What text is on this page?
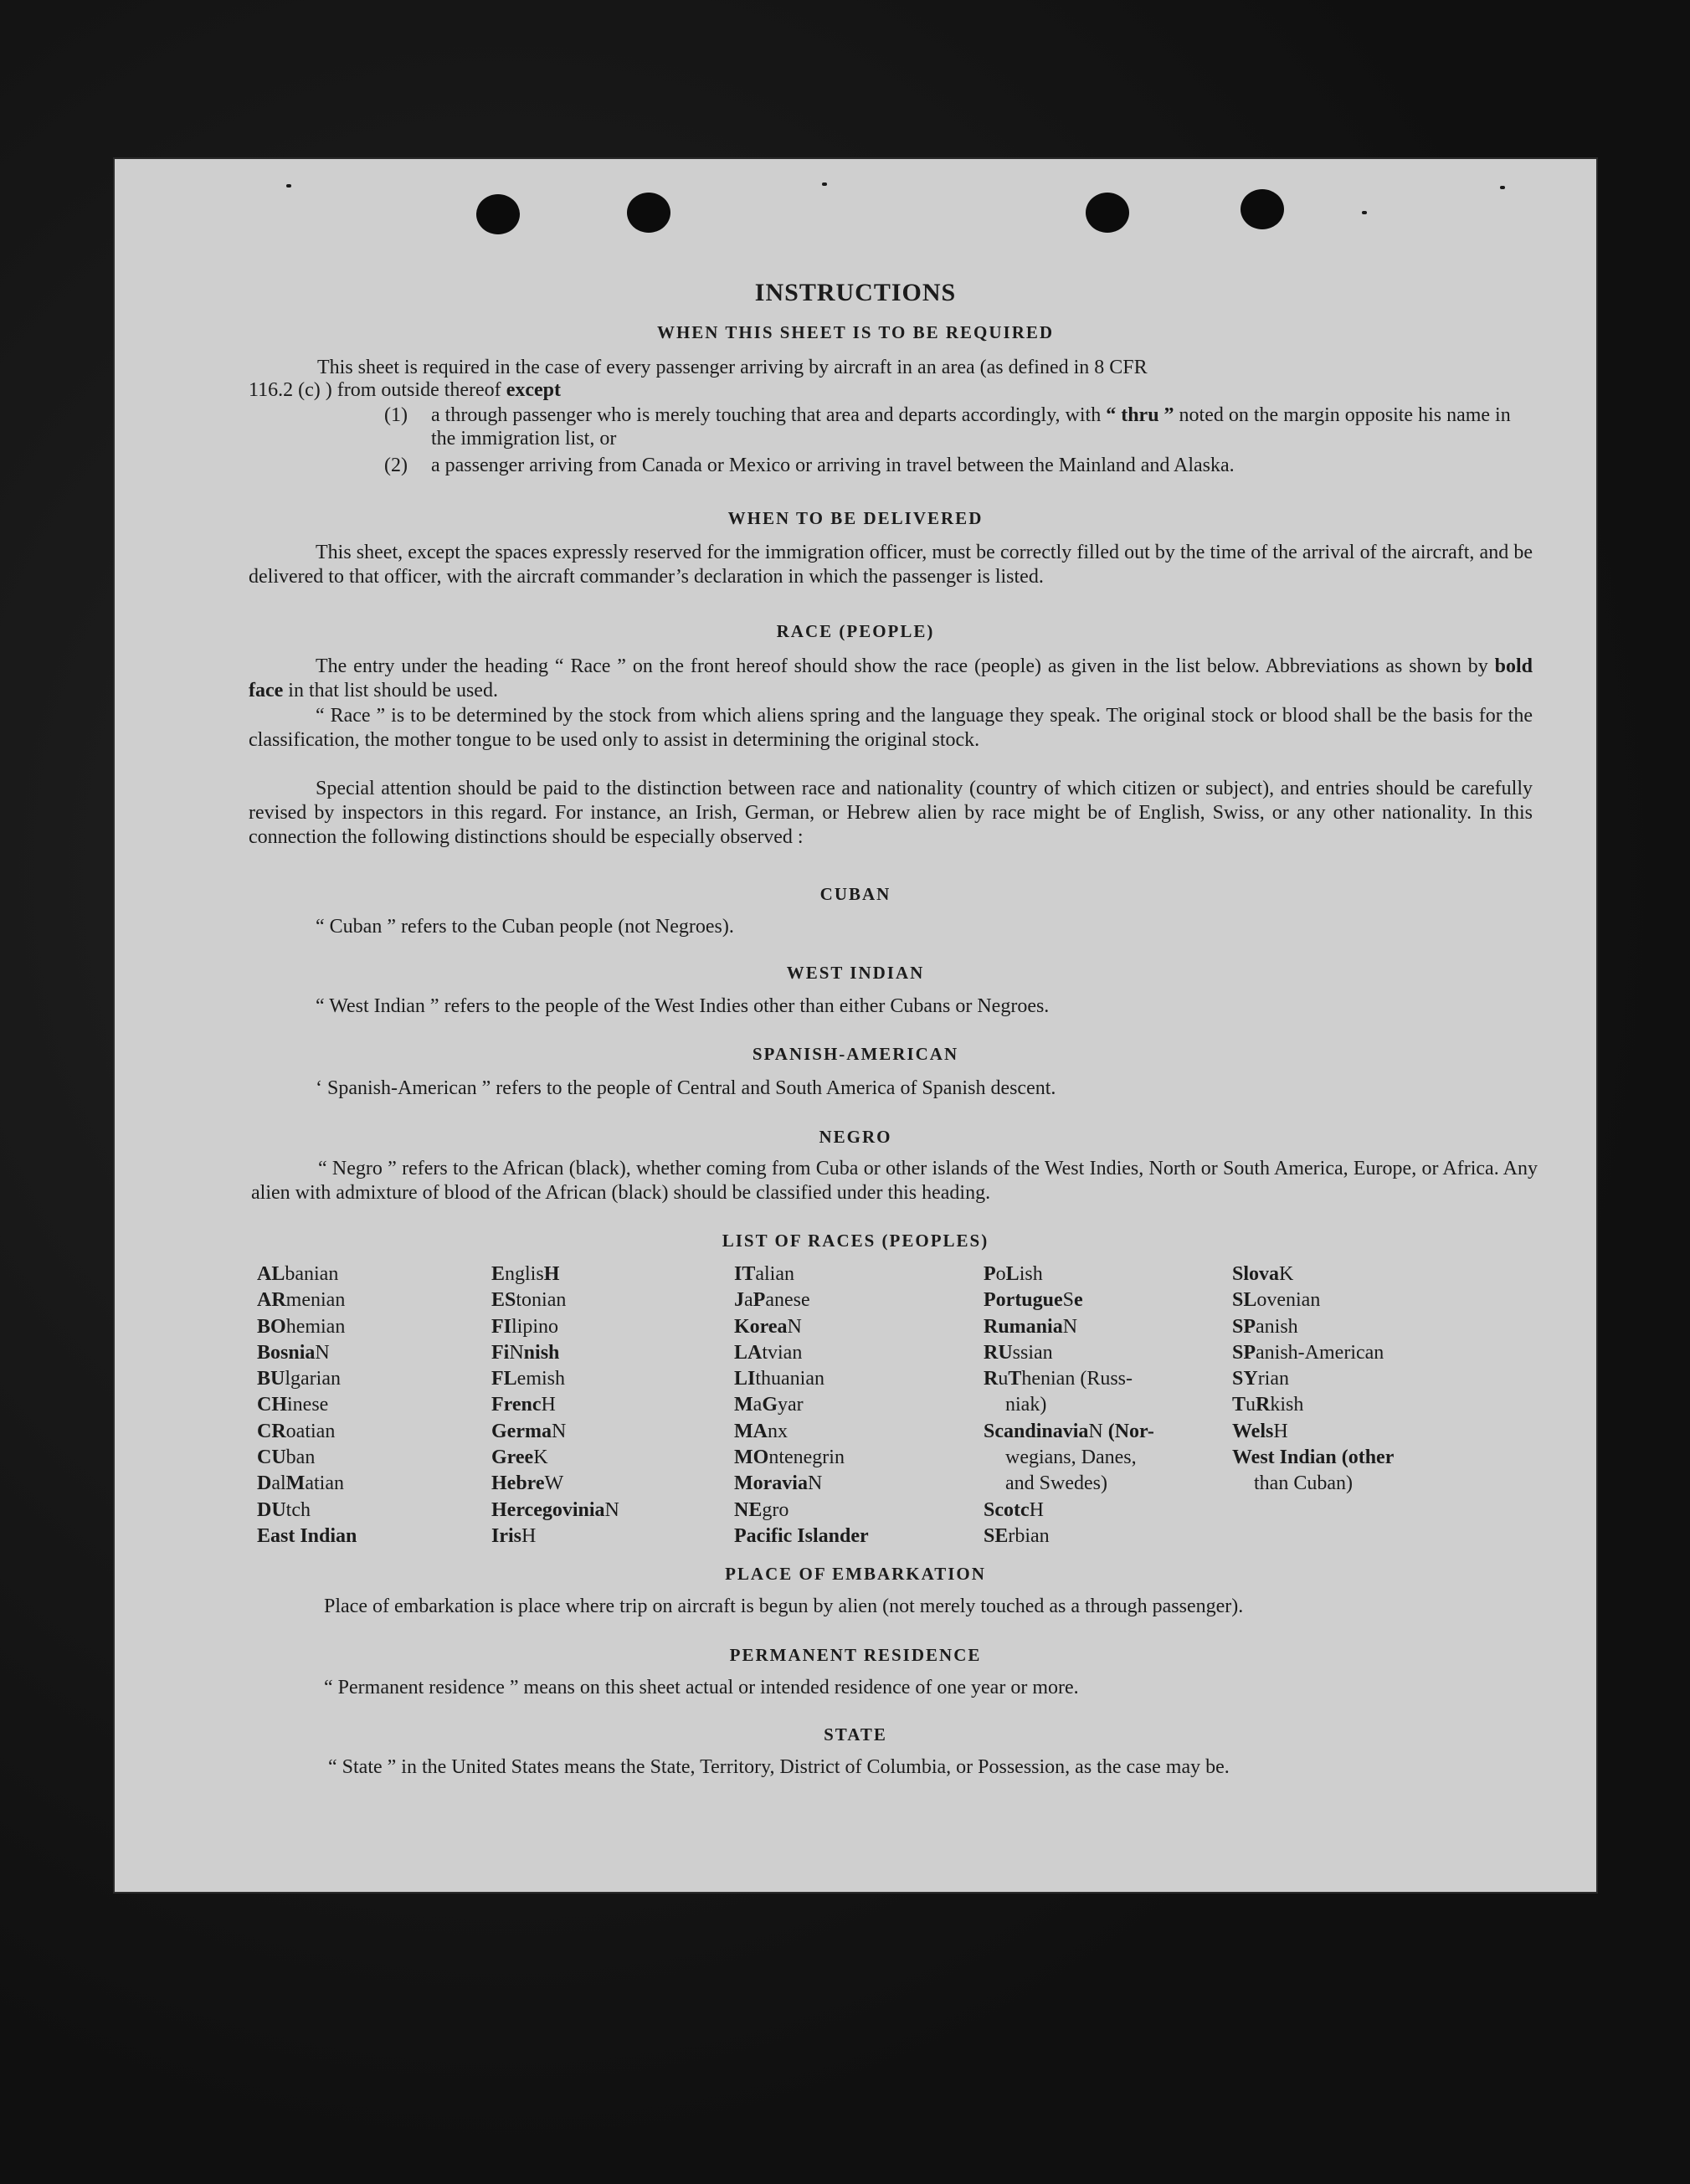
INSTRUCTIONS
WHEN THIS SHEET IS TO BE REQUIRED
This sheet is required in the case of every passenger arriving by aircraft in an area (as defined in 8 CFR
116.2 (c) ) from outside thereof except
(1) a through passenger who is merely touching that area and departs accordingly, with “ thru ” noted on the margin opposite his name in the immigration list, or
(2) a passenger arriving from Canada or Mexico or arriving in travel between the Mainland and Alaska.
WHEN TO BE DELIVERED
This sheet, except the spaces expressly reserved for the immigration officer, must be correctly filled out by the time of the arrival of the aircraft, and be delivered to that officer, with the aircraft commander’s declaration in which the passenger is listed.
RACE (PEOPLE)
The entry under the heading “ Race ” on the front hereof should show the race (people) as given in the list below. Abbreviations as shown by bold face in that list should be used.
“ Race ” is to be determined by the stock from which aliens spring and the language they speak. The original stock or blood shall be the basis for the classification, the mother tongue to be used only to assist in determining the original stock.
Special attention should be paid to the distinction between race and nationality (country of which citizen or subject), and entries should be carefully revised by inspectors in this regard. For instance, an Irish, German, or Hebrew alien by race might be of English, Swiss, or any other nationality. In this connection the following distinctions should be especially observed :
CUBAN
“ Cuban ” refers to the Cuban people (not Negroes).
WEST INDIAN
“ West Indian ” refers to the people of the West Indies other than either Cubans or Negroes.
SPANISH-AMERICAN
‘ Spanish-American ” refers to the people of Central and South America of Spanish descent.
NEGRO
“ Negro ” refers to the African (black), whether coming from Cuba or other islands of the West Indies, North or South America, Europe, or Africa. Any alien with admixture of blood of the African (black) should be classified under this heading.
LIST OF RACES (PEOPLES)
ALbanian
ARmenian
BOhemian
BosniaN
BUlgarian
CHinese
CRoatian
CUban
DalMatian
DUtch
East Indian
EnglisH
EStonian
FIlipino
FiNnish
FLemish
FrencH
GermaN
GreeK
HebreW
HercegoviniaN
IrisH
ITalian
JaPanese
KoreaN
LAtvian
LIthuanian
MaGyar
MAnx
MOntenegrin
MoraviaN
NEgro
Pacific Islander
PoLish
PortugueSe
RumaniaN
RUssian
RuThenian (Russ-
niak)
ScandinaviaN (Nor-
wegians, Danes,
and Swedes)
ScotcH
SErbian
SlovaK
SLovenian
SPanish
SPanish-American
SYrian
TuRkish
WelsH
West Indian (other
than Cuban)
PLACE OF EMBARKATION
Place of embarkation is place where trip on aircraft is begun by alien (not merely touched as a through passenger).
PERMANENT RESIDENCE
“ Permanent residence ” means on this sheet actual or intended residence of one year or more.
STATE
“ State ” in the United States means the State, Territory, District of Columbia, or Possession, as the case may be.
